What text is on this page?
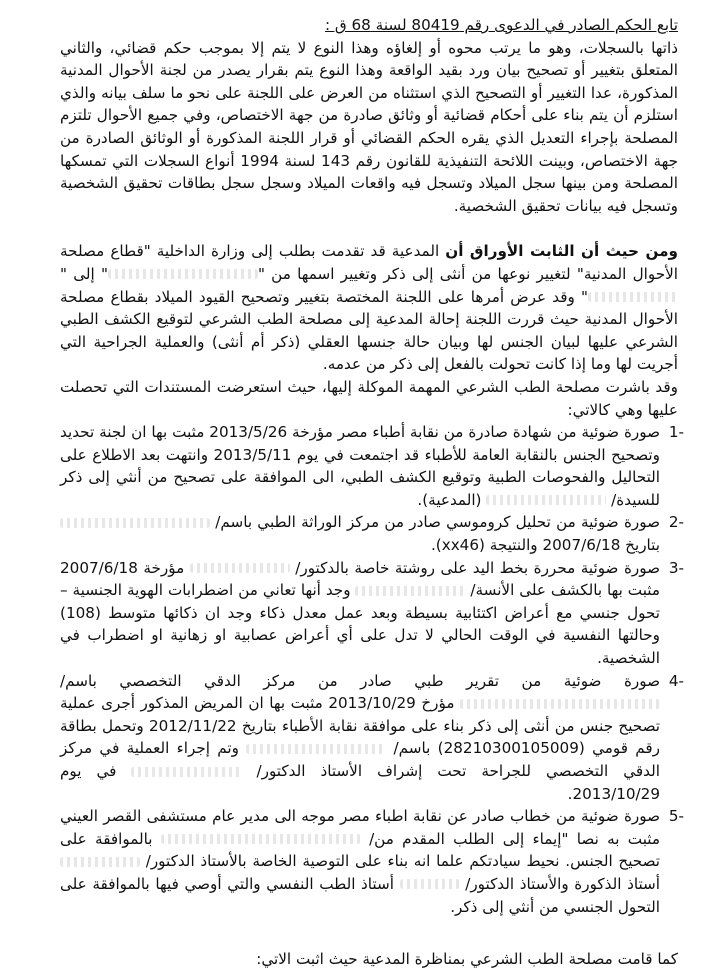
تابع الحكم الصادر في الدعوى رقم 80419 لسنة 68 ق :

ذاتها بالسجلات، وهو ما يرتب محوه أو إلغاؤه وهذا النوع لا يتم إلا بموجب حكم قضائي، والثاني المتعلق بتغيير أو تصحيح بيان ورد بقيد الواقعة وهذا النوع يتم بقرار يصدر من لجنة الأحوال المدنية المذكورة، عدا التغيير أو التصحيح الذي استثناه من العرض على اللجنة على نحو ما سلف بيانه والذي استلزم أن يتم بناء على أحكام قضائية أو وثائق صادرة من جهة الاختصاص، وفي جميع الأحوال تلتزم المصلحة بإجراء التعديل الذي يقره الحكم القضائي أو قرار اللجنة المذكورة أو الوثائق الصادرة من جهة الاختصاص، وبينت اللائحة التنفيذية للقانون رقم 143 لسنة 1994 أنواع السجلات التي تمسكها المصلحة ومن بينها سجل الميلاد وتسجل فيه واقعات الميلاد وسجل سجل بطاقات تحقيق الشخصية وتسجل فيه بيانات تحقيق الشخصية.

ومن حيث أن الثابت الأوراق أن المدعية قد تقدمت بطلب إلى وزارة الداخلية "قطاع مصلحة الأحوال المدنية" لتغيير نوعها من أنثى إلى ذكر وتغيير اسمها من "" إلى "" وقد عرض أمرها على اللجنة المختصة بتغيير وتصحيح القيود الميلاد بقطاع مصلحة الأحوال المدنية حيث قررت اللجنة إحالة المدعية إلى مصلحة الطب الشرعي لتوقيع الكشف الطبي الشرعي عليها لبيان الجنس لها وبيان حالة جنسها العقلي (ذكر أم أنثى) والعملية الجراحية التي أجريت لها وما إذا كانت تحولت بالفعل إلى ذكر من عدمه.

وقد باشرت مصلحة الطب الشرعي المهمة الموكلة إليها، حيث استعرضت المستندات التي تحصلت عليها وهي كالاتي:

-1
صورة ضوئية من شهادة صادرة من نقابة أطباء مصر مؤرخة 2013/5/26 مثبت بها ان لجنة تحديد وتصحيح الجنس بالنقابة العامة للأطباء قد اجتمعت في يوم 2013/5/11 وانتهت بعد الاطلاع على التحاليل والفحوصات الطبية وتوقيع الكشف الطبي، الى الموافقة على تصحيح من أنثي إلى ذكر للسيدة/  (المدعية).
-2
صورة ضوئية من تحليل كروموسي صادر من مركز الوراثة الطبي باسم/  بتاريخ 2007/6/18 والنتيجة (xx46).
-3
صورة ضوئية محررة بخط اليد على روشتة خاصة بالدكتور/  مؤرخة 2007/6/18 مثبت بها بالكشف على الأنسة/  وجد أنها تعاني من اضطرابات الهوية الجنسية – تحول جنسي مع أعراض اكتئابية بسيطة وبعد عمل معدل ذكاء وجد ان ذكائها متوسط (108) وحالتها النفسية في الوقت الحالي لا تدل على أي أعراض عصابية او زهانية او اضطراب في الشخصية.
-4
صورة ضوئية من تقرير طبي صادر من مركز الدقي التخصصي باسم/  مؤرخ 2013/10/29 مثبت بها ان المريض المذكور أجرى عملية تصحيح جنس من أنثى إلى ذكر بناء على موافقة نقابة الأطباء بتاريخ 2012/11/22 وتحمل بطاقة رقم قومي (28210300105009) باسم/  وتم إجراء العملية في مركز الدقي التخصصي للجراحة تحت إشراف الأستاذ الدكتور/  في يوم 2013/10/29.
-5
صورة ضوئية من خطاب صادر عن نقابة اطباء مصر موجه الى مدير عام مستشفى القصر العيني مثبت به نصا "إيماء إلى الطلب المقدم من/  بالموافقة على تصحيح الجنس. نحيط سيادتكم علما انه بناء على التوصية الخاصة بالأستاذ الدكتور/  أستاذ الذكورة والأستاذ الدكتور/  أستاذ الطب النفسي والتي أوصي فيها بالموافقة على التحول الجنسي من أنثي إلى ذكر.

كما قامت مصلحة الطب الشرعي بمناظرة المدعية حيث اثبت الاتي:
